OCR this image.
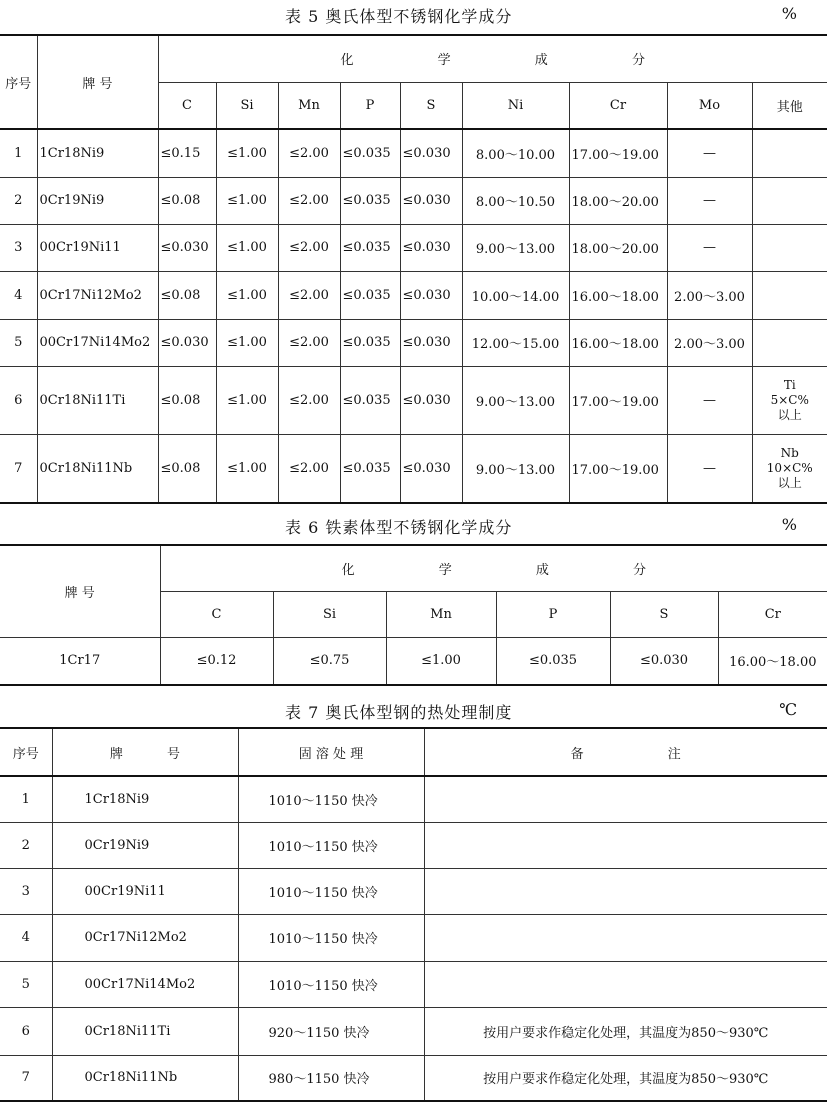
表 5 奥氏体型不锈钢化学成分	%
序号	牌 号	化 学 成 分								
		C	Si	Mn	P	S	Ni	Cr	Mo	其他
1	1Cr18Ni9	≤0.15	≤1.00	≤2.00	≤0.035	≤0.030	8.00～10.00	17.00～19.00	—	
2	0Cr19Ni9	≤0.08	≤1.00	≤2.00	≤0.035	≤0.030	8.00～10.50	18.00～20.00	—	
3	00Cr19Ni11	≤0.030	≤1.00	≤2.00	≤0.035	≤0.030	9.00～13.00	18.00～20.00	—	
4	0Cr17Ni12Mo2	≤0.08	≤1.00	≤2.00	≤0.035	≤0.030	10.00～14.00	16.00～18.00	2.00～3.00	
5	00Cr17Ni14Mo2	≤0.030	≤1.00	≤2.00	≤0.035	≤0.030	12.00～15.00	16.00～18.00	2.00～3.00	
6	0Cr18Ni11Ti	≤0.08	≤1.00	≤2.00	≤0.035	≤0.030	9.00～13.00	17.00～19.00	—	Ti
5×C%
以上
7	0Cr18Ni11Nb	≤0.08	≤1.00	≤2.00	≤0.035	≤0.030	9.00～13.00	17.00～19.00	—	Nb
10×C%
以上
表 6 铁素体型不锈钢化学成分	%
牌 号	化 学 成 分					
	C	Si	Mn	P	S	Cr
1Cr17	≤0.12	≤0.75	≤1.00	≤0.035	≤0.030	16.00～18.00
表 7 奥氏体型钢的热处理制度	℃
序号	牌 号	固 溶 处 理	备 注
1	1Cr18Ni9	1010～1150 快冷	
2	0Cr19Ni9	1010～1150 快冷	
3	00Cr19Ni11	1010～1150 快冷	
4	0Cr17Ni12Mo2	1010～1150 快冷	
5	00Cr17Ni14Mo2	1010～1150 快冷	
6	0Cr18Ni11Ti	920～1150 快冷	按用户要求作稳定化处理，其温度为850～930℃
7	0Cr18Ni11Nb	980～1150 快冷	按用户要求作稳定化处理，其温度为850～930℃
